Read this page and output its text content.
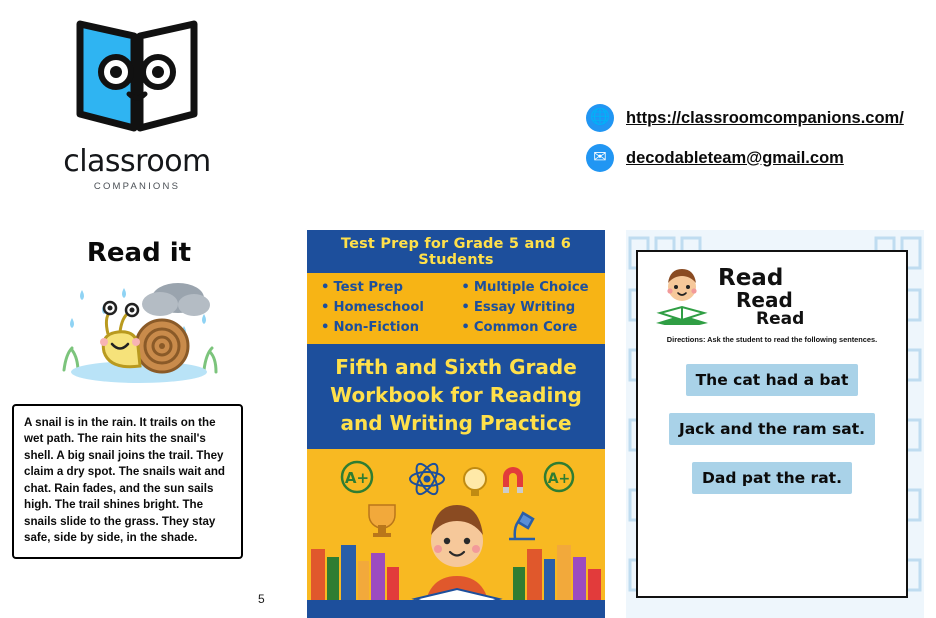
classroom
COMPANIONS
🌐 https://classroomcompanions.com/
✉	decodableteam@gmail.com
Read it

A snail is in the rain. It trails on the wet path. The rain hits the snail's shell. A big snail joins the trail. They claim a dry spot. The snails wait and chat. Rain fades, and the sun sails high. The trail shines bright. The snails slide to the grass. They stay safe, side by side, in the shade.

5
Test Prep for Grade 5 and 6 Students
• Test Prep
• Homeschool
• Non-Fiction
• Multiple Choice
• Essay Writing
• Common Core
Fifth and Sixth Grade Workbook for Reading and Writing Practice
A+	A+
Read
Read
Read
Directions: Ask the student to read the following sentences.
The cat had a bat
Jack and the ram sat.
Dad pat the rat.
